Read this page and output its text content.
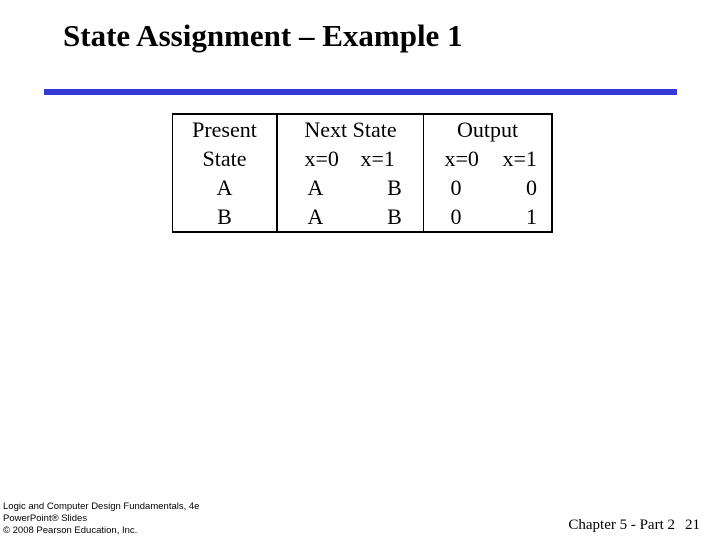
State Assignment – Example 1
Present	Next State	Output
State	x=0 x=1	x=0 x=1

A	A B	0 0

B	A B	0 1
Logic and Computer Design Fundamentals, 4e
PowerPoint® Slides
© 2008 Pearson Education, Inc.	Chapter 5 - Part 2 21
